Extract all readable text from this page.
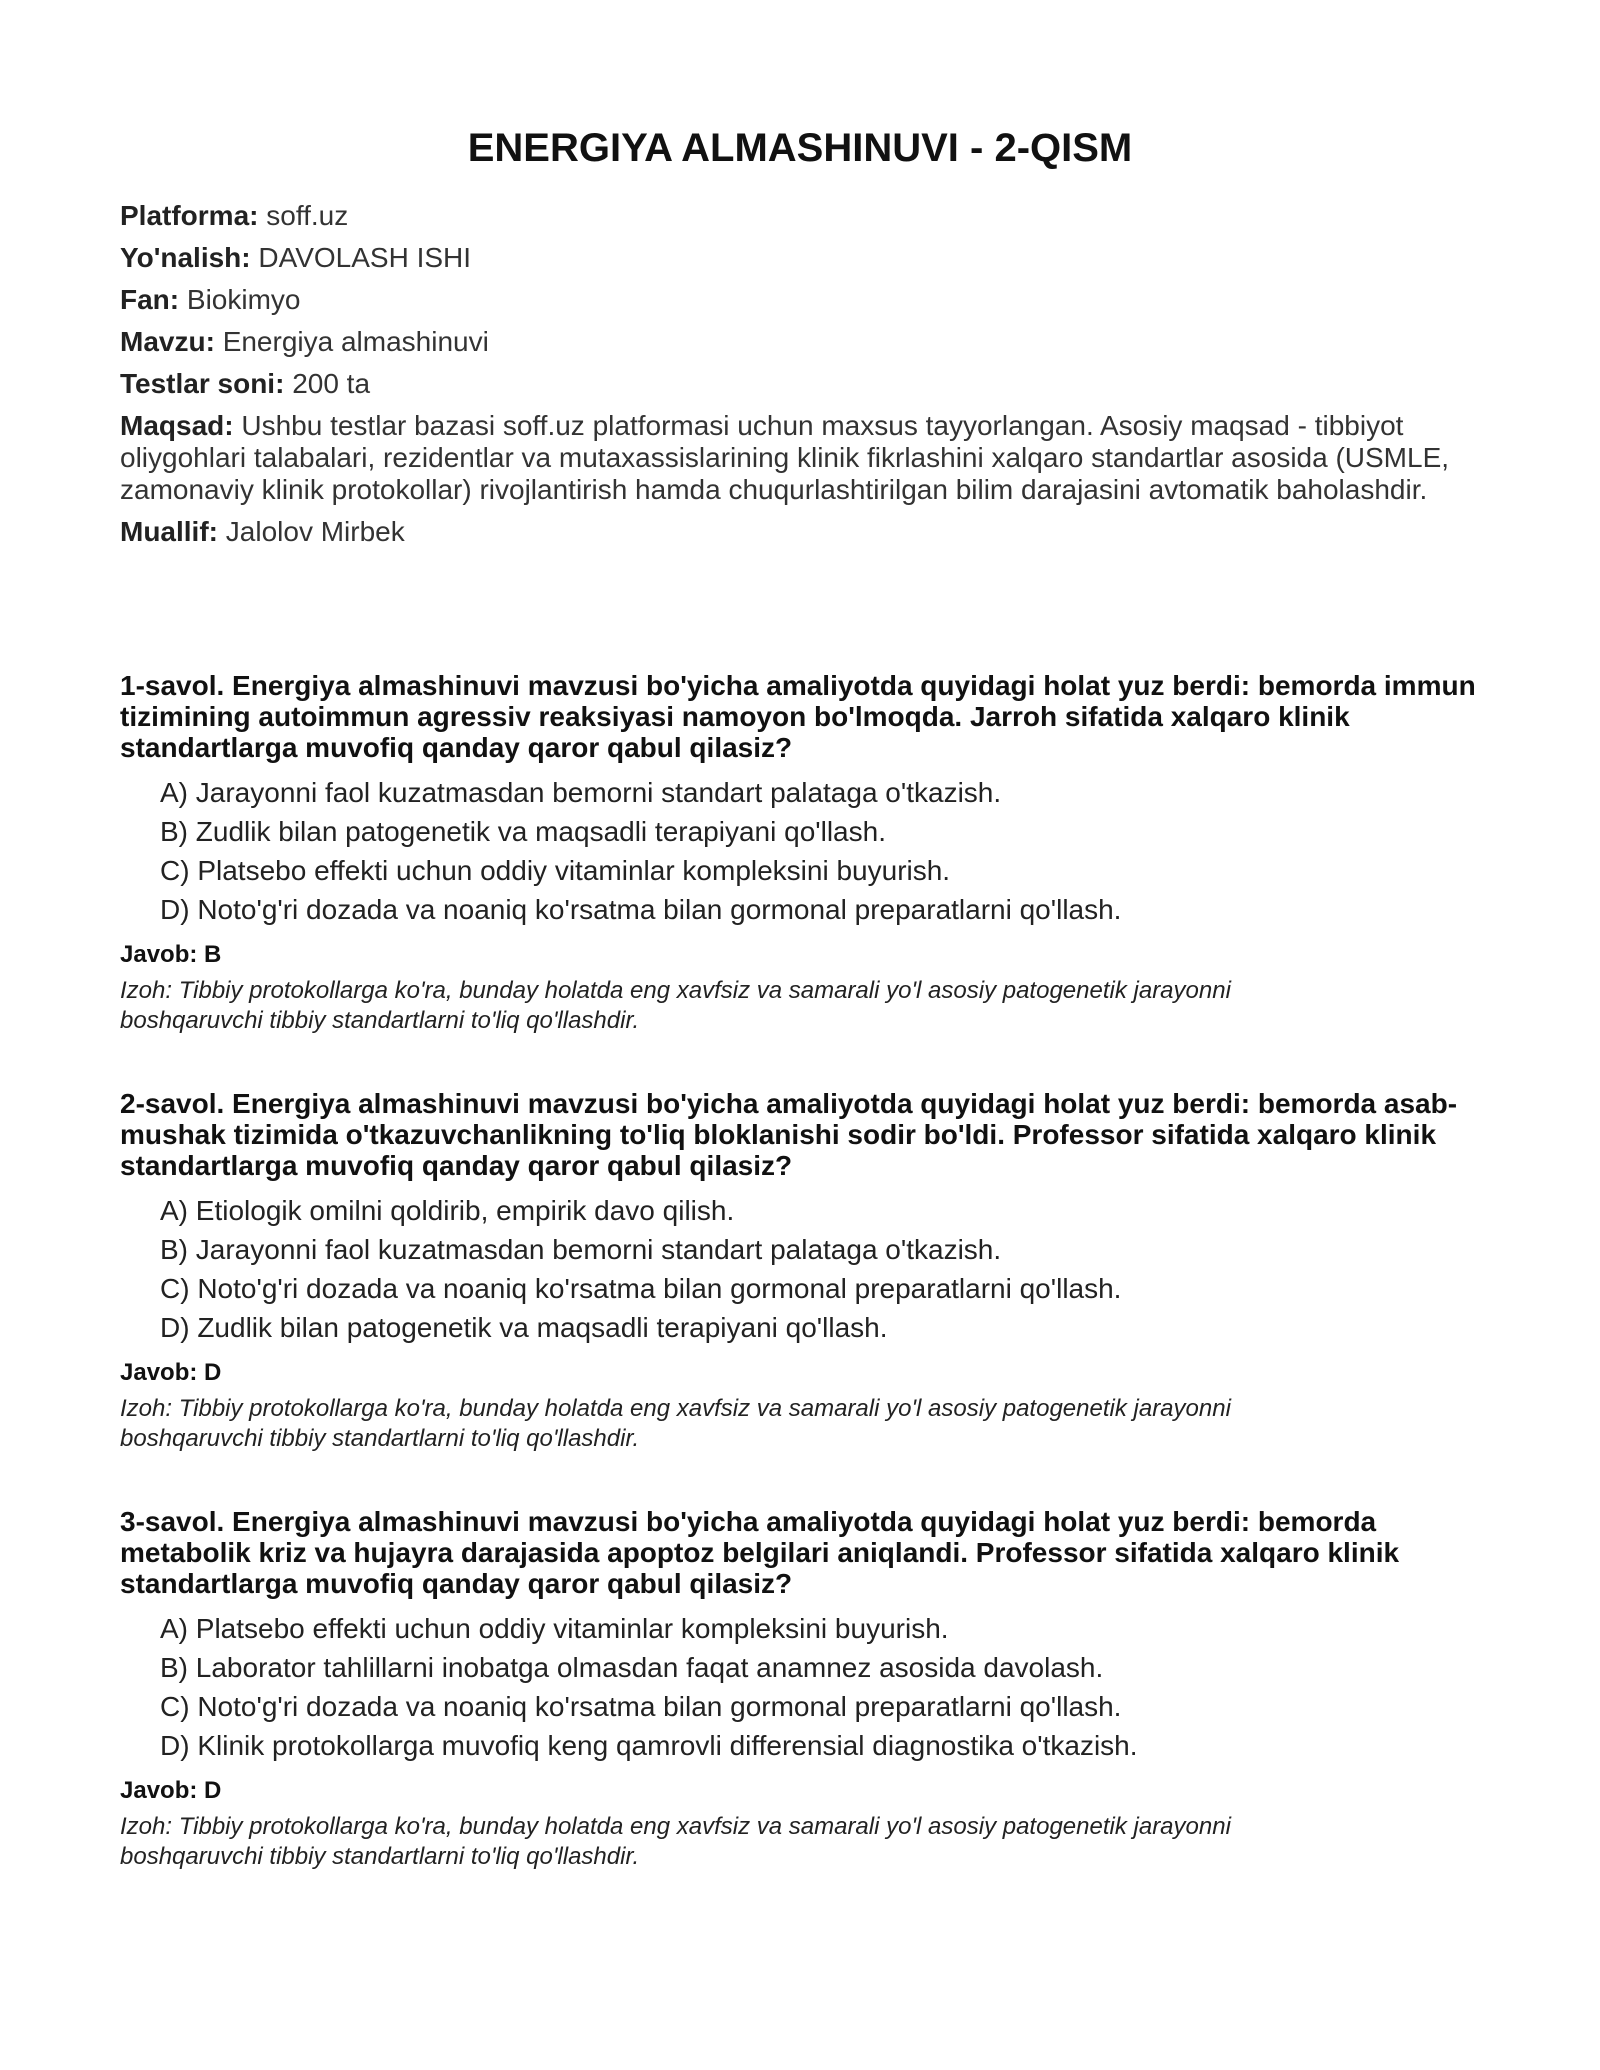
ENERGIYA ALMASHINUVI - 2-QISM
Platforma: soff.uz
Yo'nalish: DAVOLASH ISHI
Fan: Biokimyo
Mavzu: Energiya almashinuvi
Testlar soni: 200 ta
Maqsad: Ushbu testlar bazasi soff.uz platformasi uchun maxsus tayyorlangan. Asosiy maqsad - tibbiyot oliygohlari talabalari, rezidentlar va mutaxassislarining klinik fikrlashini xalqaro standartlar asosida (USMLE, zamonaviy klinik protokollar) rivojlantirish hamda chuqurlashtirilgan bilim darajasini avtomatik baholashdir.
Muallif: Jalolov Mirbek
1-savol. Energiya almashinuvi mavzusi bo'yicha amaliyotda quyidagi holat yuz berdi: bemorda immun tizimining autoimmun agressiv reaksiyasi namoyon bo'lmoqda. Jarroh sifatida xalqaro klinik standartlarga muvofiq qanday qaror qabul qilasiz?
A) Jarayonni faol kuzatmasdan bemorni standart palataga o'tkazish.
B) Zudlik bilan patogenetik va maqsadli terapiyani qo'llash.
C) Platsebo effekti uchun oddiy vitaminlar kompleksini buyurish.
D) Noto'g'ri dozada va noaniq ko'rsatma bilan gormonal preparatlarni qo'llash.
Javob: B
Izoh: Tibbiy protokollarga ko'ra, bunday holatda eng xavfsiz va samarali yo'l asosiy patogenetik jarayonni boshqaruvchi tibbiy standartlarni to'liq qo'llashdir.
2-savol. Energiya almashinuvi mavzusi bo'yicha amaliyotda quyidagi holat yuz berdi: bemorda asab-mushak tizimida o'tkazuvchanlikning to'liq bloklanishi sodir bo'ldi. Professor sifatida xalqaro klinik standartlarga muvofiq qanday qaror qabul qilasiz?
A) Etiologik omilni qoldirib, empirik davo qilish.
B) Jarayonni faol kuzatmasdan bemorni standart palataga o'tkazish.
C) Noto'g'ri dozada va noaniq ko'rsatma bilan gormonal preparatlarni qo'llash.
D) Zudlik bilan patogenetik va maqsadli terapiyani qo'llash.
Javob: D
Izoh: Tibbiy protokollarga ko'ra, bunday holatda eng xavfsiz va samarali yo'l asosiy patogenetik jarayonni boshqaruvchi tibbiy standartlarni to'liq qo'llashdir.
3-savol. Energiya almashinuvi mavzusi bo'yicha amaliyotda quyidagi holat yuz berdi: bemorda metabolik kriz va hujayra darajasida apoptoz belgilari aniqlandi. Professor sifatida xalqaro klinik standartlarga muvofiq qanday qaror qabul qilasiz?
A) Platsebo effekti uchun oddiy vitaminlar kompleksini buyurish.
B) Laborator tahlillarni inobatga olmasdan faqat anamnez asosida davolash.
C) Noto'g'ri dozada va noaniq ko'rsatma bilan gormonal preparatlarni qo'llash.
D) Klinik protokollarga muvofiq keng qamrovli differensial diagnostika o'tkazish.
Javob: D
Izoh: Tibbiy protokollarga ko'ra, bunday holatda eng xavfsiz va samarali yo'l asosiy patogenetik jarayonni boshqaruvchi tibbiy standartlarni to'liq qo'llashdir.
